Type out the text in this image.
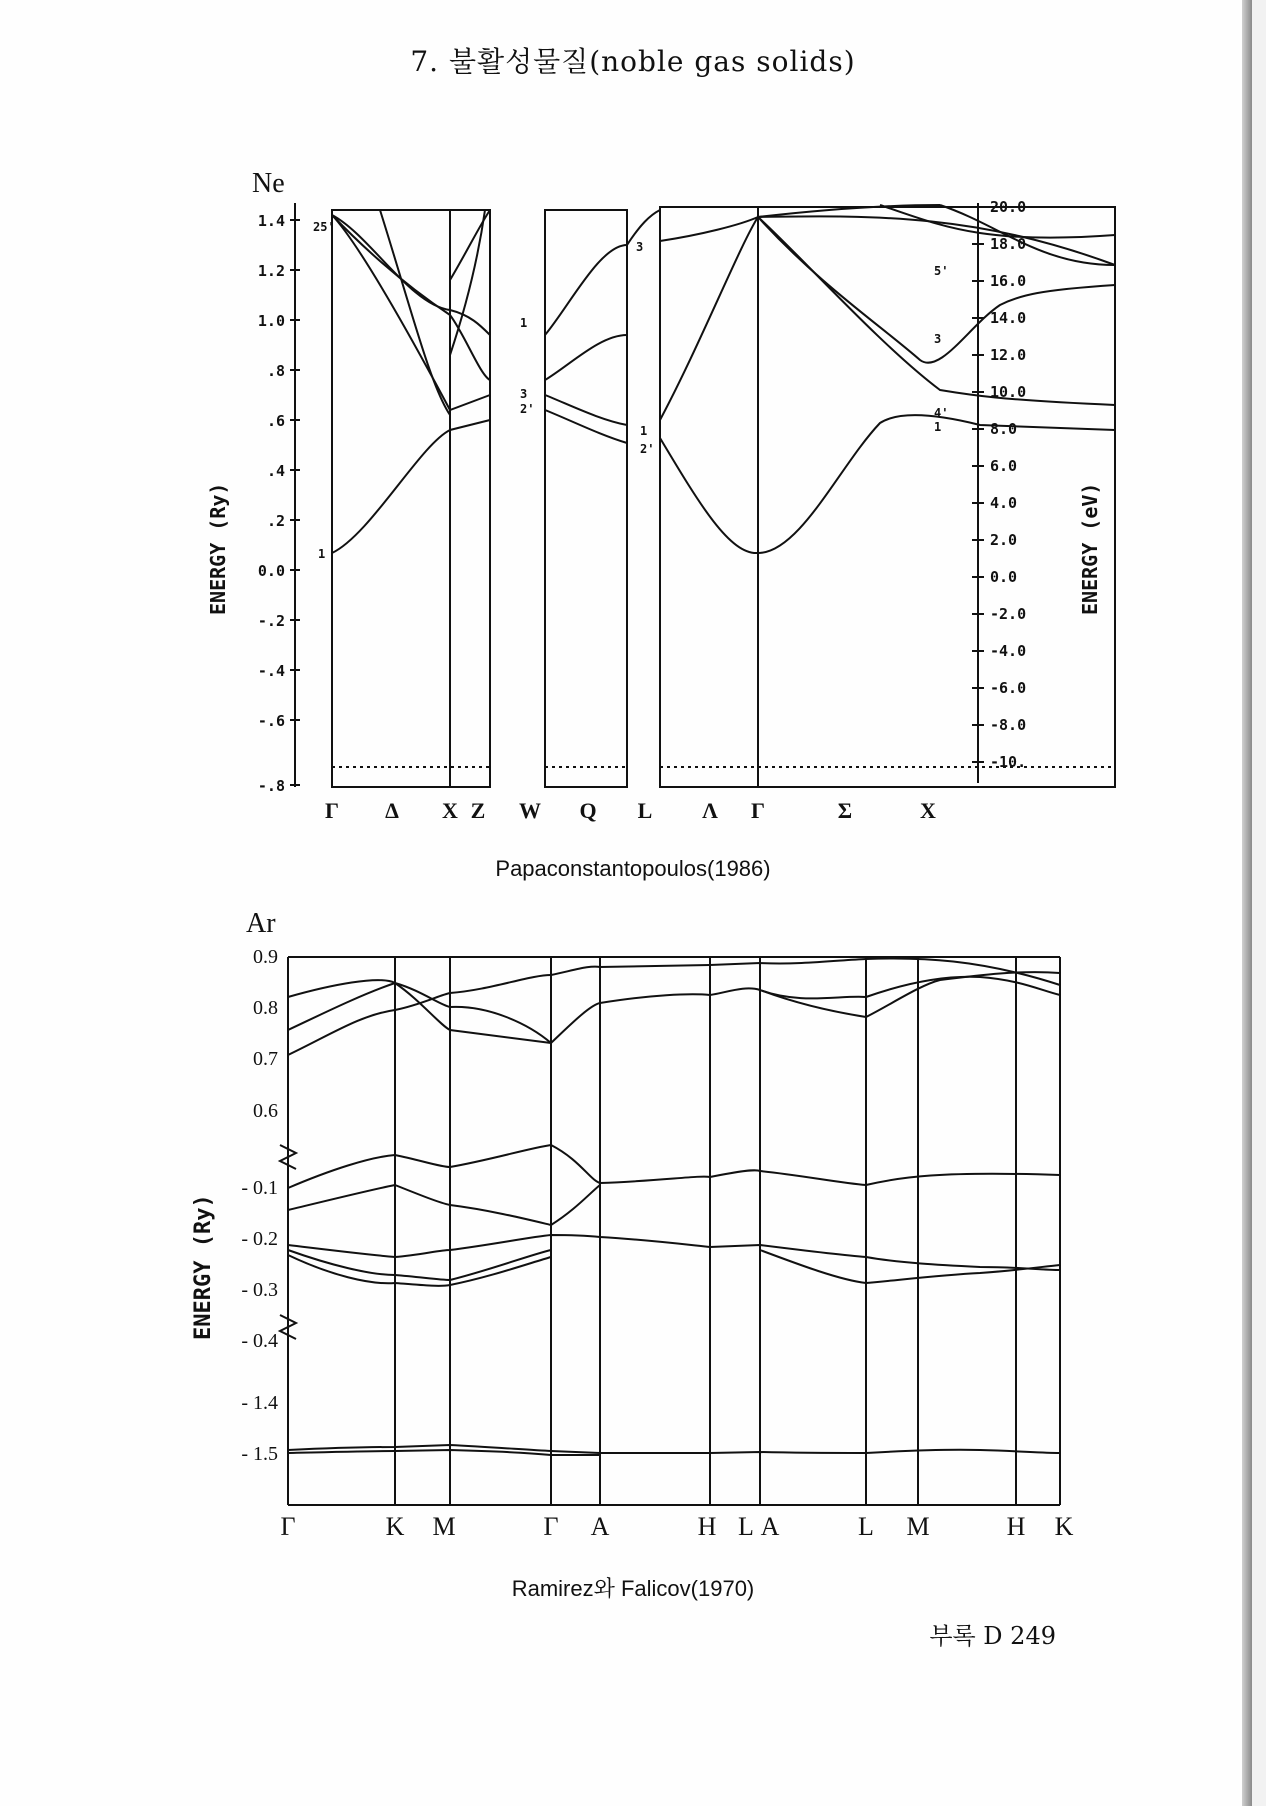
7. 불활성물질(noble gas solids)
Ne
1.4
1.2
1.0
.8
.6
.4
.2
0.0
-.2
-.4
-.6
-.8
20.0
18.0
16.0
14.0
12.0
10.0
8.0
6.0
4.0
2.0
0.0
-2.0
-4.0
-6.0
-8.0
-10.
ENERGY (Ry)	ENERGY (eV)
25'
1
1
3
2'
3
1
2'
5'
3
4'
1
Γ Δ X Z W Q L Λ Γ	Σ	X
Papaconstantopoulos(1986)
Ar
0.9
0.8
0.7
0.6
- 0.1
- 0.2
- 0.3
- 0.4
- 1.4
- 1.5
ENERGY (Ry)
Γ	K M	Γ A	H L A	L M	H K
Ramirez와 Falicov(1970)
부록 D 249
